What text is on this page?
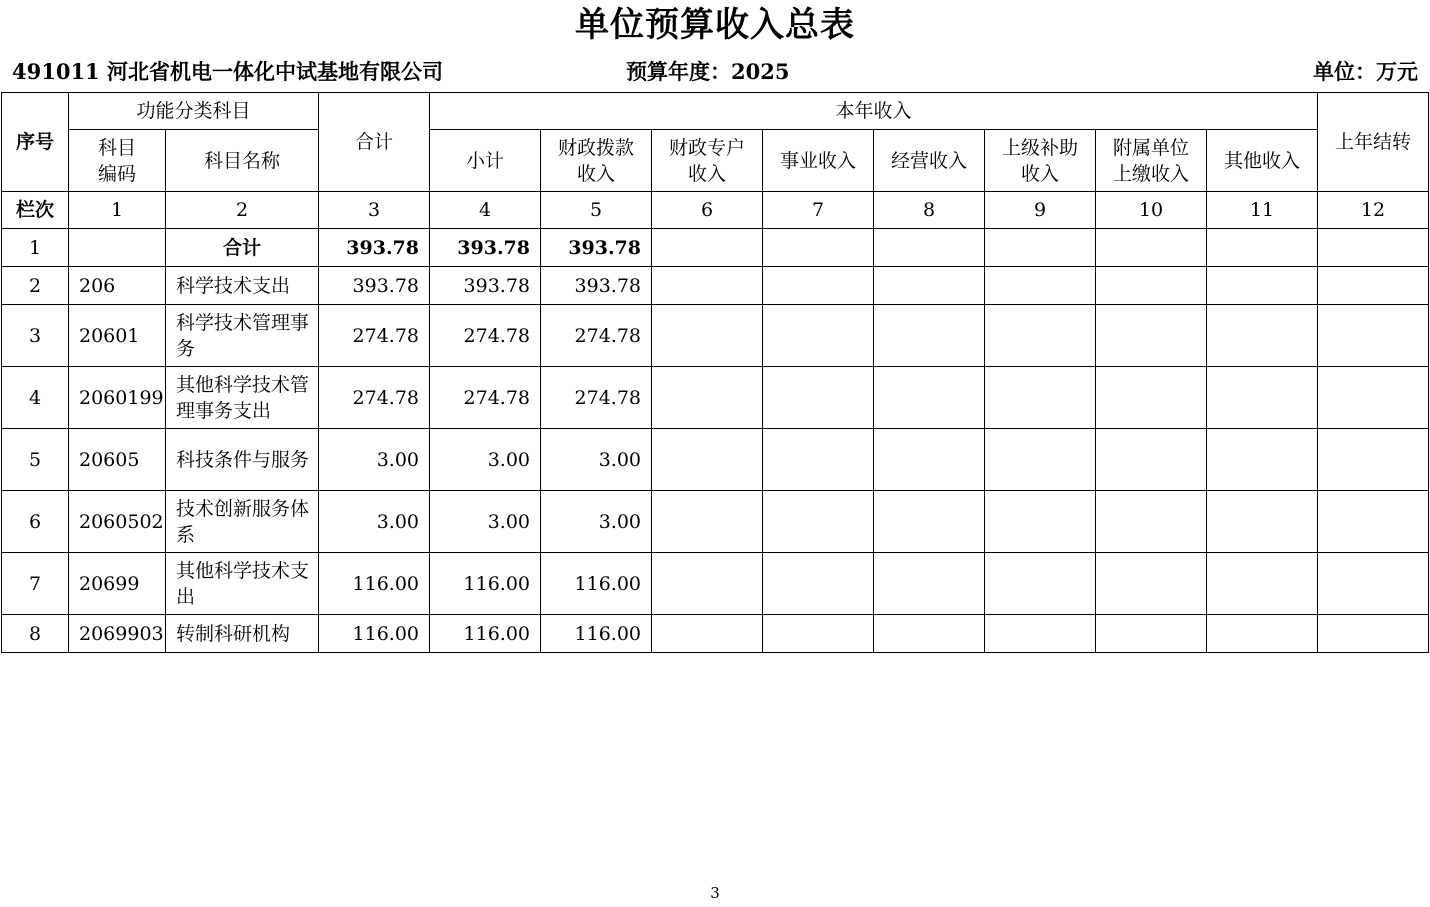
单位预算收入总表
491011 河北省机电一体化中试基地有限公司	预算年度：2025	单位：万元
序号	功能分类科目		合计	本年收入								上年结转
	科目编码	科目名称		小计	财政拨款收入	财政专户收入	事业收入	经营收入	上级补助收入	附属单位上缴收入	其他收入	
栏次	1	2	3	4	5	6	7	8	9	10	11	12
1		合计	393.78	393.78	393.78							
2	206	科学技术支出	393.78	393.78	393.78							
3	20601	科学技术管理事务	274.78	274.78	274.78							
4	2060199	其他科学技术管理事务支出	274.78	274.78	274.78							
5	20605	科技条件与服务	3.00	3.00	3.00							
6	2060502	技术创新服务体系	3.00	3.00	3.00							
7	20699	其他科学技术支出	116.00	116.00	116.00							
8	2069903	转制科研机构	116.00	116.00	116.00							
3
